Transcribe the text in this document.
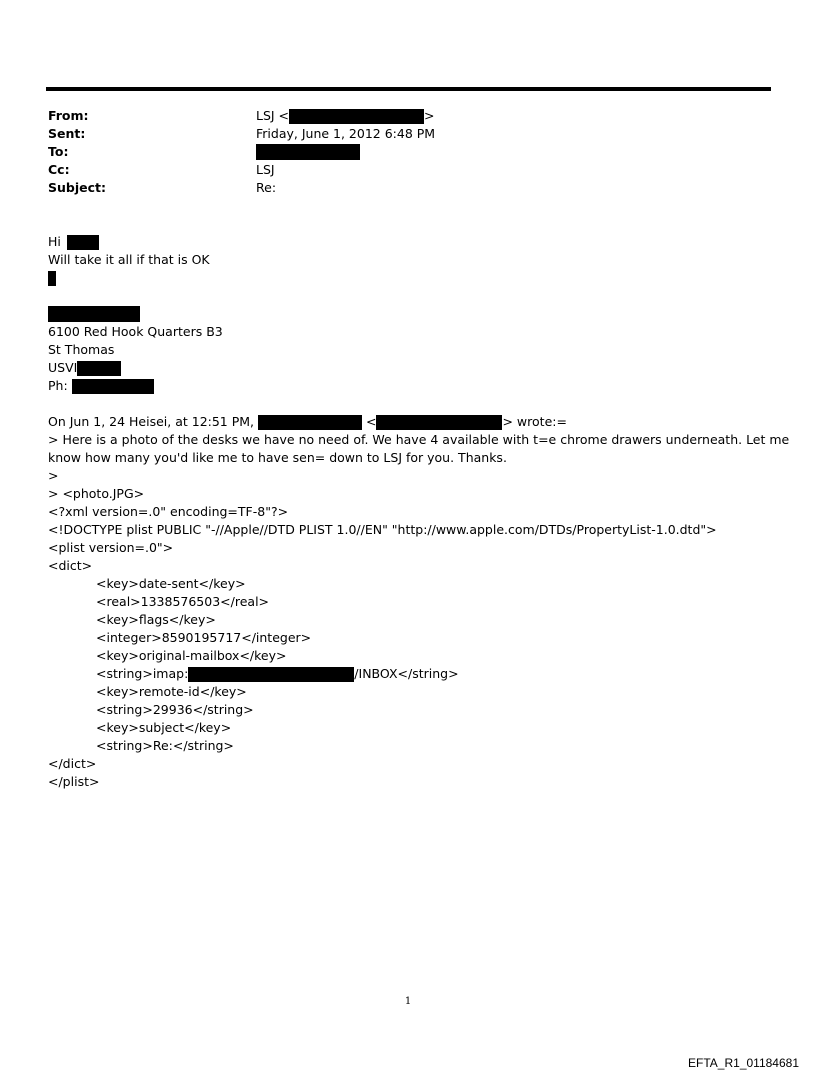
From:	LSJ <	>
Sent:	Friday, June 1, 2012 6:48 PM
To:
Cc:	LSJ
Subject:	Re:
Hi
Will take it all if that is OK
6100 Red Hook Quarters B3
St Thomas
USVI
Ph:
On Jun 1, 24 Heisei, at 12:51 PM,	<	> wrote:=
> Here is a photo of the desks we have no need of. We have 4 available with t=e chrome drawers underneath. Let me
know how many you'd like me to have sen= down to LSJ for you. Thanks.
>
> <photo.JPG>
<?xml version=.0" encoding=TF-8"?>
<!DOCTYPE plist PUBLIC "-//Apple//DTD PLIST 1.0//EN" "http://www.apple.com/DTDs/PropertyList-1.0.dtd">
<plist version=.0">
<dict>
<key>date-sent</key>
<real>1338576503</real>
<key>flags</key>
<integer>8590195717</integer>
<key>original-mailbox</key>
<string>imap:	/INBOX</string>
<key>remote-id</key>
<string>29936</string>
<key>subject</key>
<string>Re:</string>
</dict>
</plist>
1
EFTA_R1_01184681
